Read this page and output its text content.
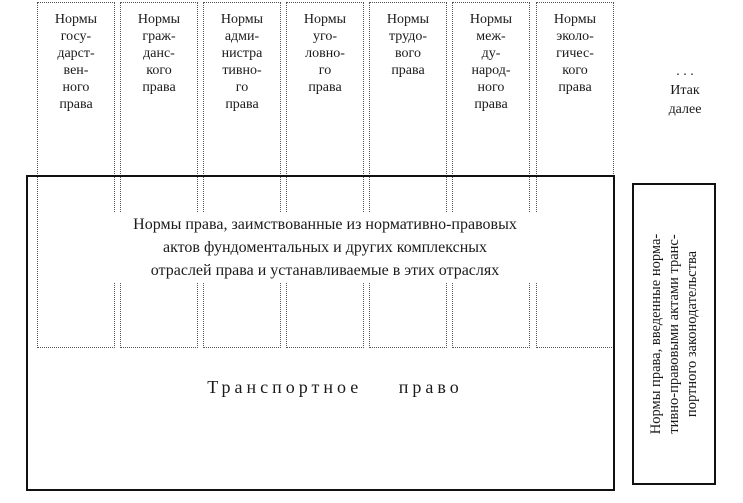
Нормы
госу-
дарст-
вен-
ного
права
Нормы
граж-
данс-
кого
права
Нормы
адми-
нистра
тивно-
го
права
Нормы
уго-
ловно-
го
права
Нормы
трудо-
вого
права
Нормы
меж-
ду-
народ-
ного
права
Нормы
эколо-
гичес-
кого
права
. . .
Итак
далее
Нормы права, заимствованные из нормативно-правовых
актов фундоментальных и других комплексных
отраслей права и устанавливаемые в этих отраслях
Транспортное право
Нормы права, введенные норма-
тивно-правовыми актами транс-
портного законодательства
